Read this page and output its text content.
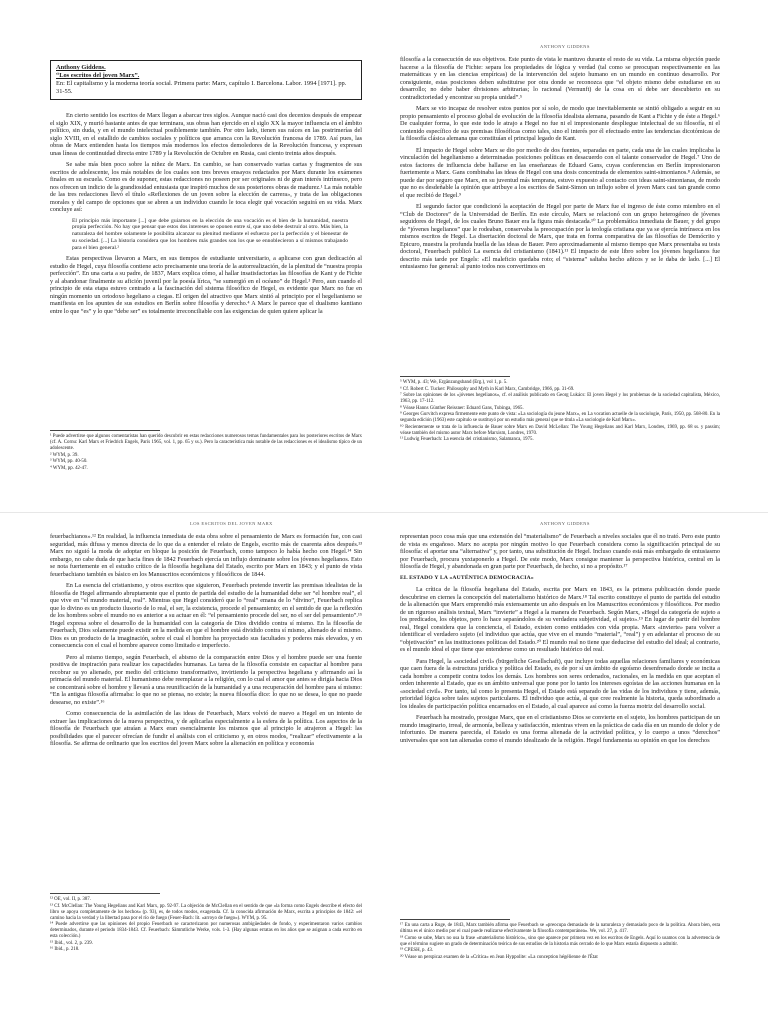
Anthony Giddens.
“Los escritos del joven Marx”.
En: El capitalismo y la moderna teoría social. Primera parte: Marx, capítulo I. Barcelona. Labor. 1994 [1971]. pp. 31-55.
ANTHONY GIDDENS

En cierto sentido los escritos de Marx llegan a abarcar tres siglos. Aunque nació casi dos decenios después de empezar el siglo XIX, y murió bastante antes de que terminara, sus obras han ejercido en el siglo XX la mayor influencia en el ámbito político, sin duda, y en el mundo intelectual posiblemente también. Por otro lado, tienen sus raíces en las postrimerías del siglo XVIII, en el estallido de cambios sociales y políticos que arranca con la Revolución francesa de 1789. Así pues, las obras de Marx entienden hasta los tiempos más modernos los efectos demoledores de la Revolución francesa, y expresan unas líneas de continuidad directa entre 1789 y la Revolución de Octubre en Rusia, casi ciento treinta años después.

Se sabe más bien poco sobre la niñez de Marx. En cambio, se han conservado varias cartas y fragmentos de sus escritos de adolescente, los más notables de los cuales son tres breves ensayos redactados por Marx durante los exámenes finales en su escuela. Como es de suponer, estas redacciones no poseen por ser originales ni de gran interés intrínseco, pero nos ofrecen un indicio de la grandiosidad entusiasta que inspiró muchos de sus posteriores obras de madurez.¹ La más notable de las tres redacciones llevó el título «Reflexiones de un joven sobre la elección de carrera», y trata de las obligaciones morales y del campo de opciones que se abren a un individuo cuando le toca elegir qué vocación seguirá en su vida. Marx concluye así:

El principio más importante [...] que debe guiarnos en la elección de una vocación es el bien de la humanidad, nuestra propia perfección. No hay que pensar que estos dos intereses se oponen entre sí, que uno debe destruir al otro. Más bien, la naturaleza del hombre solamente le posibilita alcanzar su plenitud mediante el esfuerzo por la perfección y el bienestar de su sociedad. [...] La historia considera que los hombres más grandes son los que se ennoblecieron a sí mismos trabajando para el bien general.²

Estas perspectivas llevaron a Marx, en sus tiempos de estudiante universitario, a aplicarse con gran dedicación al estudio de Hegel, cuya filosofía contiene acto precisamente una teoría de la autorrealización, de la plenitud de “nuestra propia perfección”. En una carta a su padre, de 1837, Marx explica cómo, al hallar insatisfactorias las filosofías de Kant y de Fichte y al abandonar finalmente su afición juvenil por la poesía lírica, “se sumergió en el océano” de Hegel.³ Pero, aun cuando el principio de esta etapa estuvo centrado a la fascinación del sistema filosófico de Hegel, es evidente que Marx no fue en ningún momento un ortodoxo hegeliano a ciegas. El origen del atractivo que Marx sintió al principio por el hegelianismo se manifiesta en los apuntes de sus estudios en Berlín sobre filosofía y derecho.⁴ A Marx le parece que el dualismo kantiano entre lo que “es” y lo que “debe ser” es totalmente irreconciliable con las exigencias de quien quiere aplicar la

¹ Puede advertirse que algunos comentaristas han querido descubrir en estas redacciones numerosos temas fundamentales para los posteriores escritos de Marx (cf. A. Cornu: Karl Marx et Friedrich Engels, París 1965, vol. 1, pp. 65 y ss.). Pero la característica más notable de las redacciones es el idealismo típico de un adolescente.
² WYM, p. 39.
³ WYM, pp. 40-50.
⁴ WYM, pp. 42-47.

filosofía a la consecución de sus objetivos. Este punto de vista le mantuvo durante el resto de su vida. La misma objeción puede hacerse a la filosofía de Fichte: separa los propiedades de lógica y verdad (tal como se preocupan respectivamente en las matemáticas y en las ciencias empíricas) de la intervención del sujeto humano en un mundo en continuo desarrollo. Por consiguiente, estas posiciones deben substituirse por otra donde se reconozca que “el objeto mismo debe estudiarse en su desarrollo; no debe haber divisiones arbitrarias; lo racional (Vernunft) de la cosa en sí debe ser descubierto en su contradictoriedad y encontrar su propia unidad”.⁵

Marx se vio incapaz de resolver estos puntos por sí solo, de modo que inevitablemente se sintió obligado a seguir en su propio pensamiento el proceso global de evolución de la filosofía idealista alemana, pasando de Kant a Fichte y de éste a Hegel.⁶ De cualquier forma, lo que este todo le atrajo a Hegel no fue ni el impresionante despliegue intelectual de su filosofía, ni el contenido específico de sus premisas filosóficas como tales, sino el interés por él efectuado entre las tendencias dicotómicas de la filosofía clásica alemana que constituían el principal legado de Kant.

El impacto de Hegel sobre Marx se dio por medio de dos fuentes, separadas en parte, cada una de las cuales implicaba la vinculación del hegelianismo a determinadas posiciones políticas en desacuerdo con el talante conservador de Hegel.⁷ Uno de estos factores de influencia debe hallarse en las enseñanzas de Eduard Gans, cuyas conferencias en Berlín impresionaron fuertemente a Marx. Gans combinaba las ideas de Hegel con una dosis concentrada de elementos saint-simonianos.⁸ Además, se puede dar por seguro que Marx, en su juventud más temprana, estuvo expuesto al contacto con ideas saint-simonianas, de modo que no es desdeñable la opinión que atribuye a los escritos de Saint-Simon un influjo sobre el joven Marx casi tan grande como el que recibió de Hegel.⁹

El segundo factor que condicionó la aceptación de Hegel por parte de Marx fue el ingreso de éste como miembro en el “Club de Doctores” de la Universidad de Berlín. En este círculo, Marx se relacionó con un grupo heterogéneo de jóvenes seguidores de Hegel, de los cuales Bruno Bauer era la figura más destacada.¹⁰ La problemática inmediata de Bauer, y del grupo de “jóvenes hegelianos” que le rodeaban, conservaba la preocupación por la teología cristiana que ya se ejercía intrínseca en los mismos escritos de Hegel. La disertación doctoral de Marx, que trata en forma comparativa de las filosofías de Demócrito y Epicuro, muestra la profunda huella de las ideas de Bauer. Pero aproximadamente al mismo tiempo que Marx presentaba su tesis doctoral, Feuerbach publicó La esencia del cristianismo (1841).¹¹ El impacto de este libro sobre los jóvenes hegelianos fue descrito más tarde por Engels: «El maleficio quedaba roto; el “sistema” saltaba hecho añicos y se le daba de lado. [...] El entusiasmo fue general: al punto todos nos convertimos en

⁵ WYM, p. 43; We, Ergänzungsband (Erg.), vol 1, p. 5.
⁶ Cf. Robert C. Tucker: Philosophy and Myth in Karl Marx, Cambridge, 1966, pp. 31-69.
⁷ Sobre las opiniones de los «jóvenes hegelianos», cf. el análisis publicado en Georg Lukács: El joven Hegel y los problemas de la sociedad capitalista, México, 1963, pp. 17-112.
⁸ Véase Hanns Günther Reissner: Eduard Gans, Tubinga, 1965.
⁹ Georges Gurvitch expresa firmemente este punto de vista: «La sociología du jeune Marx», en La vocation actuelle de la sociologie, París, 1950, pp. 568-80. En la segunda edición (1963) este capítulo se sustituyó por un estudio más general que se titula «La sociologie de Karl Marx».
¹⁰ Recientemente se trata de la influencia de Bauer sobre Marx en David McLellan: The Young Hegelians and Karl Marx, Londres, 1969, pp. 68 ss. y passim; véase también del mismo autor Marx before Marxism, Londres, 1970.
¹¹ Ludwig Feuerbach: La esencia del cristianismo, Salamanca, 1975.
LOS ESCRITOS DEL JOVEN MARX	ANTHONY GIDDENS

feuerbachianos».¹² En realidad, la influencia inmediata de esta obra sobre el pensamiento de Marx es formación fue, con casi seguridad, más difusa y menos directa de lo que da a entender el relato de Engels, escrito más de cuarenta años después.¹³ Marx no siguió la moda de adoptar en bloque la posición de Feuerbach, como tampoco lo había hecho con Hegel.¹⁴ Sin embargo, no cabe duda de que hacia fines de 1842 Feuerbach ejercía un influjo dominante sobre los jóvenes hegelianos. Esto se nota fuertemente en el estudio crítico de la filosofía hegeliana del Estado, escrito por Marx en 1843; y el punto de vista feuerbachiano también es básico en los Manuscritos económicos y filosóficos de 1844.

En La esencia del cristianismo, y otros escritos que siguieron, Feuerbach pretende invertir las premisas idealistas de la filosofía de Hegel afirmando abruptamente que el punto de partida del estudio de la humanidad debe ser “el hombre real”, el que vive en “el mundo material, real”. Mientras que Hegel consideró que lo “real” emana de lo “divino”, Feuerbach replica que lo divino es un producto ilusorio de lo real, el ser, la existencia, procede el pensamiento; en el sentido de que la reflexión de los hombres sobre el mundo no es anterior a su actuar en él: “el pensamiento procede del ser, no el ser del pensamiento”.¹⁵ Hegel expresa sobre el desarrollo de la humanidad con la categoría de Dios dividido contra sí mismo. En la filosofía de Feuerbach, Dios solamente puede existir en la medida en que el hombre está dividido contra sí mismo, alienado de sí mismo. Dios es un producto de la imaginación, sobre el cual el hombre ha proyectado sus facultades y poderes más elevados, y en consecuencia con el cual el hombre aparece como limitado e imperfecto.

Pero al mismo tiempo, según Feuerbach, el abismo de la comparación entre Dios y el hombre puede ser una fuente positiva de inspiración para realizar los capacidades humanas. La tarea de la filosofía consiste en capacitar al hombre para recobrar su yo alienado, por medio del criticismo transformativo, invirtiendo la perspectiva hegeliana y afirmando así la primacía del mundo material. El humanismo debe reemplazar a la religión, con lo cual el amor que antes se dirigía hacia Dios se concentrará sobre el hombre y llevará a una reunificación de la humanidad y a una recuperación del hombre para sí mismo: “En la antigua filosofía afirmaba: lo que no se piensa, no existe; la nueva filosofía dice: lo que no se desea, lo que no puede desearse, no existe”.¹⁶

Como consecuencia de la asimilación de las ideas de Feuerbach, Marx volvió de nuevo a Hegel en un intento de extraer las implicaciones de la nueva perspectiva, y de aplicarlas especialmente a la esfera de la política. Los aspectos de la filosofía de Feuerbach que atraían a Marx eran esencialmente los mismos que al principio le atrajeron a Hegel: las posibilidades que el parecer ofrecían de fundir el análisis con el criticismo y, en otros modos, “realizar” efectivamente a la filosofía. Se afirma de ordinario que los escritos del joven Marx sobre la alienación en política y economía

¹² OE, vol. II, p. 387.
¹³ Cf. McClellan: The Young Hegelians and Karl Marx, pp. 92-97. La objeción de McClellan en el sentido de que «la forma como Engels describe el efecto del libro se apoya completamente de los hechos» (p. 93), es, de todos modos, exagerada. Cf. la conocida afirmación de Marx, escrita a principios de 1842: «el camino hacia la verdad y la libertad pasa por el río de fuego (Feuer-Bach: lit. «arroyo de fuego»). WYM, p. 95.
¹⁴ Puede advertirse que las opiniones del propio Feuerbach se caracterizaron por numerosas ambigüedades de fondo, y experimentaron varios cambios determinados, durante el periodo 1834-1843. Cf. Feuerbach: Sämmtliche Werke, vols. 1-3. (Hay algunas erratas en los años que se asignan a cada escrito en esta colección.)
¹⁵ Ibid., vol. 2, p. 239.
¹⁶ Ibid., p. 218.

representan poco cosa más que una extensión del “materialismo” de Feuerbach a niveles sociales que él no trató. Pero este punto de vista es engañoso. Marx no acepta por ningún motivo lo que Feuerbach considera como la significación principal de su filosofía: el aportar una “alternativa” y, por tanto, una substitución de Hegel. Incluso cuando está más embargado de entusiasmo por Feuerbach, procura yuxtaponerlo a Hegel. De este modo, Marx consigue mantener la perspectiva histórica, central en la filosofía de Hegel, y abandonada en gran parte por Feuerbach, de hecho, si no a propósito.¹⁷

EL ESTADO Y LA «AUTÉNTICA DEMOCRACIA»

La crítica de la filosofía hegeliana del Estado, escrita por Marx en 1843, es la primera publicación donde puede descubrirse en ciernes la concepción del materialismo histórico de Marx.¹⁸ Tal escrito constituye el punto de partida del estudio de la alienación que Marx emprendió más extensamente un año después en los Manuscritos económicos y filosóficos. Por medio de un riguroso análisis textual, Marx “invierte” a Hegel a la manera de Feuerbach. Según Marx, «Hegel da categoría de sujeto a los predicados, los objetos, pero lo hace separándolos de su verdadera subjetividad, el sujeto».¹⁹ En lugar de partir del hombre real, Hegel considera que la conciencia, el Estado, existen como entidades con vida propia. Marx «invierte» para volver a identificar el verdadero sujeto (el individuo que actúa, que vive en el mundo “material”, “real”) y en adelantar el proceso de su “objetivación” en las instituciones políticas del Estado.²⁰ El mundo real no tiene que deducirse del estudio del ideal; al contrario, es el mundo ideal el que tiene que entenderse como un resultado histórico del real.

Para Hegel, la «sociedad civil» (bürgerliche Gesellschaft), que incluye todas aquellas relaciones familiares y económicas que caen fuera de la estructura jurídica y política del Estado, es de por sí un ámbito de egoísmo desenfrenado donde se incita a cada hombre a competir contra todos los demás. Los hombres son seres ordenados, racionales, en la medida en que aceptan el orden inherente al Estado, que es un ámbito universal que pone por lo tanto los intereses egoístas de las acciones humanas en la «sociedad civil». Por tanto, tal como lo presenta Hegel, el Estado está separado de las vidas de los individuos y tiene, además, prioridad lógica sobre tales sujetos particulares. El individuo que actúa, al que cree realmente la historia, queda subordinado a los ideales de participación política encarnados en el Estado, al cual aparece así como la fuerza motriz del desarrollo social.

Feuerbach ha mostrado, prosigue Marx, que en el cristianismo Dios se convierte en el sujeto, los hombres participan de un mundo imaginario, irreal, de armonía, belleza y satisfacción, mientras viven en la práctica de cada día en un mundo de dolor y de infortunio. De manera parecida, el Estado es una forma alienada de la actividad política, y lo cuerpo a unos “derechos” universales que son tan alienadas como el mundo idealizado de la religión. Hegel fundamenta su opinión en que los derechos

¹⁷ En una carta a Ruge, de 1843, Marx también afirma que Feuerbach se «preocupa demasiado de la naturaleza y demasiado poco de la política. Ahora bien, esta última es el único medio por el cual puede realizarse efectivamente la filosofía contemporánea». We, vol. 27, p. 417.
¹⁸ Como se sabe, Marx no usa la frase «materialismo histórico», sino que aparece por primera vez en los escritos de Engels. Aquí lo usamos con la advertencia de que el término sugiere un grado de determinación teórica de sus estudios de la historia más cerrado de lo que Marx estaría dispuesto a admitir.
¹⁹ CPESH, p. 43.
²⁰ Véase un perspicaz examen de la «Crítica» en Jean Hyppolite: «La conception hégélienne de l'État
